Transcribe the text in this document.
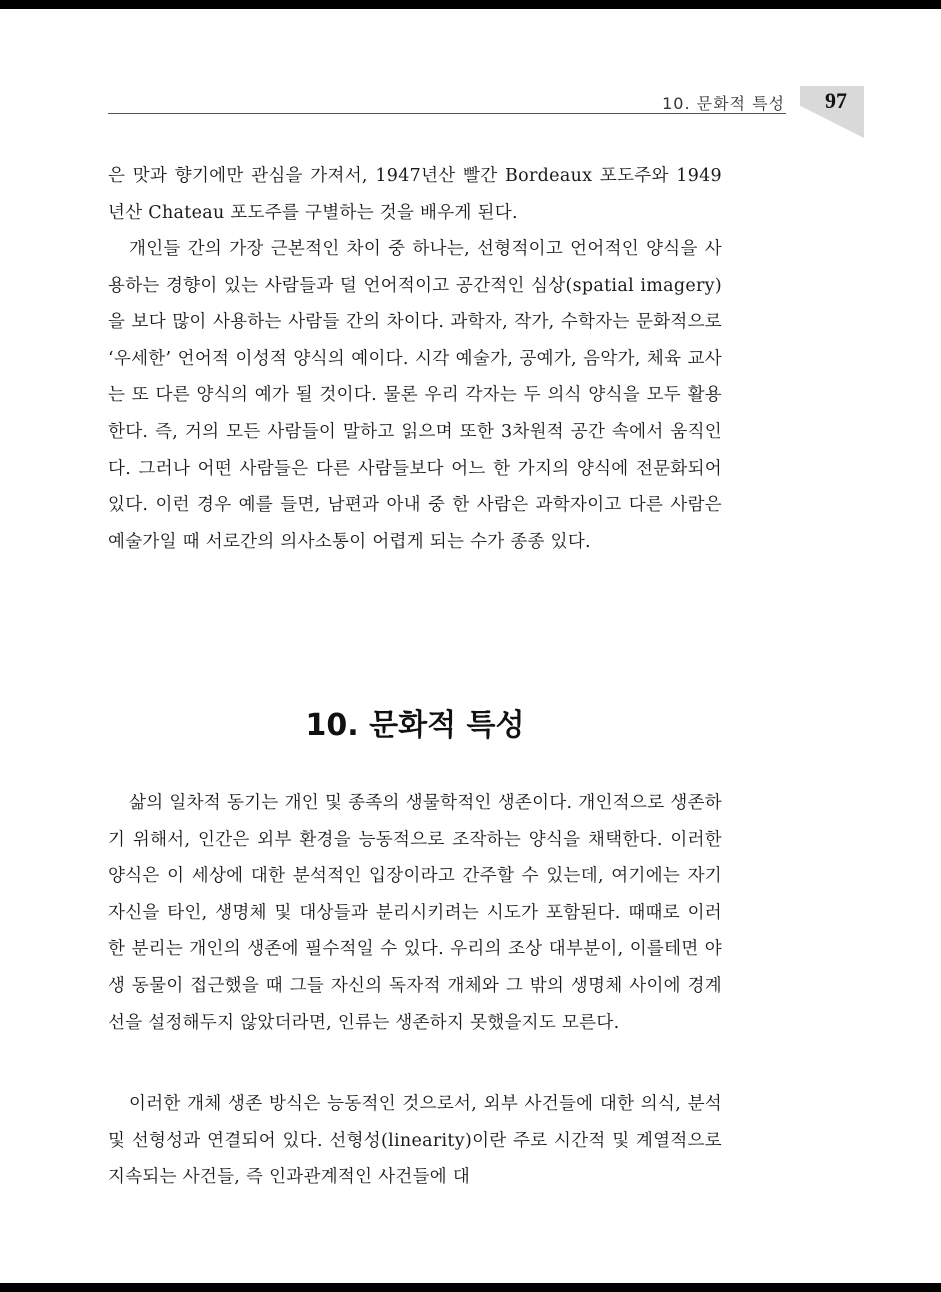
10. 문화적 특성	97
은 맛과 향기에만 관심을 가져서, 1947년산 빨간 Bordeaux 포도주와 1949년산 Chateau 포도주를 구별하는 것을 배우게 된다.
개인들 간의 가장 근본적인 차이 중 하나는, 선형적이고 언어적인 양식을 사용하는 경향이 있는 사람들과 덜 언어적이고 공간적인 심상(spatial imagery)을 보다 많이 사용하는 사람들 간의 차이다. 과학자, 작가, 수학자는 문화적으로 ‘우세한’ 언어적 이성적 양식의 예이다. 시각 예술가, 공예가, 음악가, 체육 교사는 또 다른 양식의 예가 될 것이다. 물론 우리 각자는 두 의식 양식을 모두 활용한다. 즉, 거의 모든 사람들이 말하고 읽으며 또한 3차원적 공간 속에서 움직인다. 그러나 어떤 사람들은 다른 사람들보다 어느 한 가지의 양식에 전문화되어 있다. 이런 경우 예를 들면, 남편과 아내 중 한 사람은 과학자이고 다른 사람은 예술가일 때 서로간의 의사소통이 어렵게 되는 수가 종종 있다.
10. 문화적 특성
삶의 일차적 동기는 개인 및 종족의 생물학적인 생존이다. 개인적으로 생존하기 위해서, 인간은 외부 환경을 능동적으로 조작하는 양식을 채택한다. 이러한 양식은 이 세상에 대한 분석적인 입장이라고 간주할 수 있는데, 여기에는 자기 자신을 타인, 생명체 및 대상들과 분리시키려는 시도가 포함된다. 때때로 이러한 분리는 개인의 생존에 필수적일 수 있다. 우리의 조상 대부분이, 이를테면 야생 동물이 접근했을 때 그들 자신의 독자적 개체와 그 밖의 생명체 사이에 경계선을 설정해두지 않았더라면, 인류는 생존하지 못했을지도 모른다.
이러한 개체 생존 방식은 능동적인 것으로서, 외부 사건들에 대한 의식, 분석 및 선형성과 연결되어 있다. 선형성(linearity)이란 주로 시간적 및 계열적으로 지속되는 사건들, 즉 인과관계적인 사건들에 대
